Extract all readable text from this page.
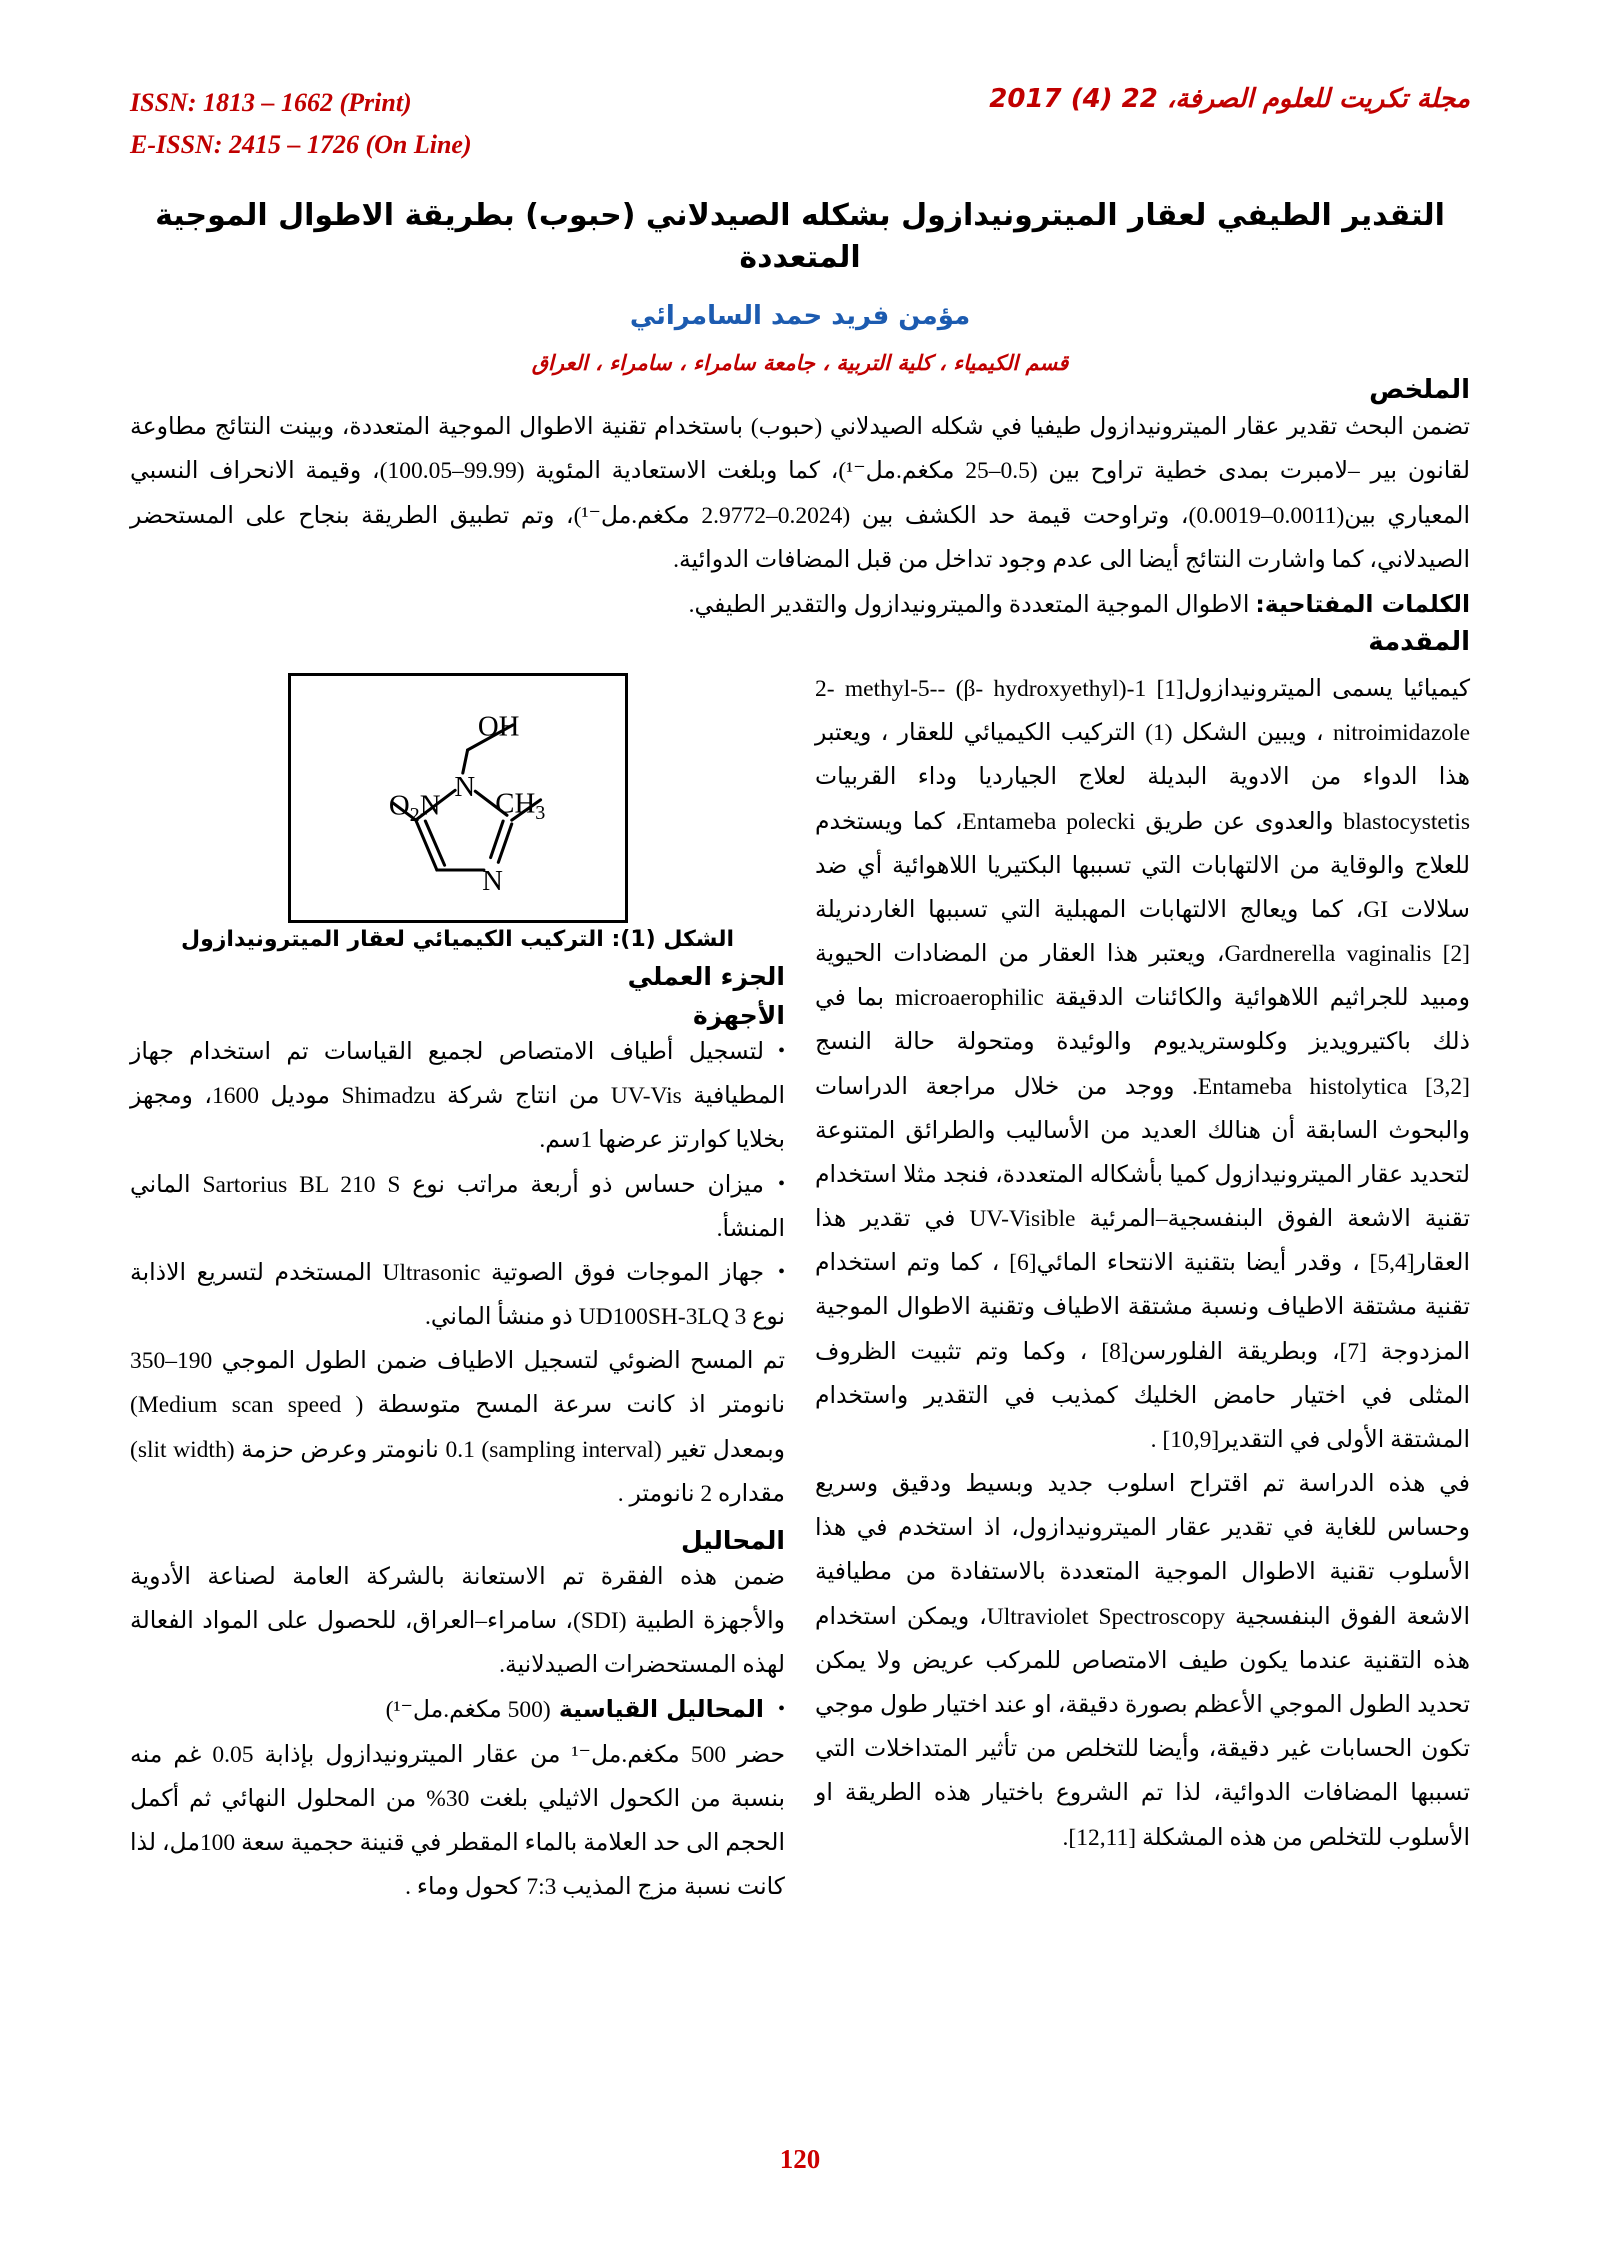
ISSN: 1813 – 1662 (Print)
E-ISSN: 2415 – 1726 (On Line)
مجلة تكريت للعلوم الصرفة، 22 (4) 2017
التقدير الطيفي لعقار الميترونيدازول بشكله الصيدلاني (حبوب) بطريقة الاطوال الموجية المتعددة
مؤمن فريد حمد السامرائي
قسم الكيمياء ، كلية التربية ، جامعة سامراء ، سامراء ، العراق
الملخص

تضمن البحث تقدير عقار الميترونيدازول طيفيا في شكله الصيدلاني (حبوب) باستخدام تقنية الاطوال الموجية المتعددة، وبينت النتائج مطاوعة لقانون بير –لامبرت بمدى خطية تراوح بين (0.5–25 مكغم.مل⁻¹)، كما وبلغت الاستعادية المئوية (99.99–100.05)، وقيمة الانحراف النسبي المعياري بين(0.0011–0.0019)، وتراوحت قيمة حد الكشف بين (0.2024–2.9772 مكغم.مل⁻¹)، وتم تطبيق الطريقة بنجاح على المستحضر الصيدلاني، كما واشارت النتائج أيضا الى عدم وجود تداخل من قبل المضافات الدوائية.

الكلمات المفتاحية: الاطوال الموجية المتعددة والميترونيدازول والتقدير الطيفي.

المقدمة

كيميائيا يسمى الميترونيدازول[1] 1-(β- hydroxyethyl) -2- methyl-5- nitroimidazole ، ويبين الشكل (1) التركيب الكيميائي للعقار ، ويعتبر هذا الدواء من الادوية البديلة لعلاج الجيارديا وداء القربيات blastocystetis والعدوى عن طريق Entameba polecki، كما ويستخدم للعلاج والوقاية من الالتهابات التي تسببها البكتيريا اللاهوائية أي ضد سلالات GI، كما ويعالج الالتهابات المهبلية التي تسببها الغاردنريلة Gardnerella vaginalis [2]، ويعتبر هذا العقار من المضادات الحيوية ومبيد للجراثيم اللاهوائية والكائنات الدقيقة microaerophilic بما في ذلك باكتيرويديز وكلوستريديوم والوئيدة ومتحولة حالة النسج Entameba histolytica [3,2]. ووجد من خلال مراجعة الدراسات والبحوث السابقة أن هنالك العديد من الأساليب والطرائق المتنوعة لتحديد عقار الميترونيدازول كميا بأشكاله المتعددة، فنجد مثلا استخدام تقنية الاشعة الفوق البنفسجية–المرئية UV-Visible في تقدير هذا العقار[5,4] ، وقدر أيضا بتقنية الانتحاء المائي[6] ، كما وتم استخدام تقنية مشتقة الاطياف ونسبة مشتقة الاطياف وتقنية الاطوال الموجية المزدوجة [7]، وبطريقة الفلورسن[8] ، وكما وتم تثبيت الظروف المثلى في اختيار حامض الخليك كمذيب في التقدير واستخدام المشتقة الأولى في التقدير[10,9] .

في هذه الدراسة تم اقتراح اسلوب جديد وبسيط ودقيق وسريع وحساس للغاية في تقدير عقار الميترونيدازول، اذ استخدم في هذا الأسلوب تقنية الاطوال الموجية المتعددة بالاستفادة من مطيافية الاشعة الفوق البنفسجية Ultraviolet Spectroscopy، ويمكن استخدام هذه التقنية عندما يكون طيف الامتصاص للمركب عريض ولا يمكن تحديد الطول الموجي الأعظم بصورة دقيقة، او عند اختيار طول موجي تكون الحسابات غير دقيقة، وأيضا للتخلص من تأثير المتداخلات التي تسببها المضافات الدوائية، لذا تم الشروع باختيار هذه الطريقة او الأسلوب للتخلص من هذه المشكلة [12,11].

OH
N
$O_2N$ $CH_3$
N
الشكل (1): التركيب الكيميائي لعقار الميترونيدازول
الجزء العملي
الأجهزة

•لتسجيل أطياف الامتصاص لجميع القياسات تم استخدام جهاز المطيافية UV-Vis من انتاج شركة Shimadzu موديل 1600، ومجهز بخلايا كوارتز عرضها 1سم.

•ميزان حساس ذو أربعة مراتب نوع Sartorius BL 210 S الماني المنشأ.

•جهاز الموجات فوق الصوتية Ultrasonic المستخدم لتسريع الاذابة نوع UD100SH-3LQ 3 ذو منشأ الماني.

تم المسح الضوئي لتسجيل الاطياف ضمن الطول الموجي 190–350 نانومتر اذ كانت سرعة المسح متوسطة ( Medium scan speed) وبمعدل تغير (sampling interval) 0.1 نانومتر وعرض حزمة (slit width) مقداره 2 نانومتر .

المحاليل

ضمن هذه الفقرة تم الاستعانة بالشركة العامة لصناعة الأدوية والأجهزة الطبية (SDI)، سامراء–العراق، للحصول على المواد الفعالة لهذه المستحضرات الصيدلانية.

•المحاليل القياسية (500 مكغم.مل⁻¹)

حضر 500 مكغم.مل⁻¹ من عقار الميترونيدازول بإذابة 0.05 غم منه بنسبة من الكحول الاثيلي بلغت 30% من المحلول النهائي ثم أكمل الحجم الى حد العلامة بالماء المقطر في قنينة حجمية سعة 100مل، لذا كانت نسبة مزج المذيب 7:3 كحول وماء .

120
